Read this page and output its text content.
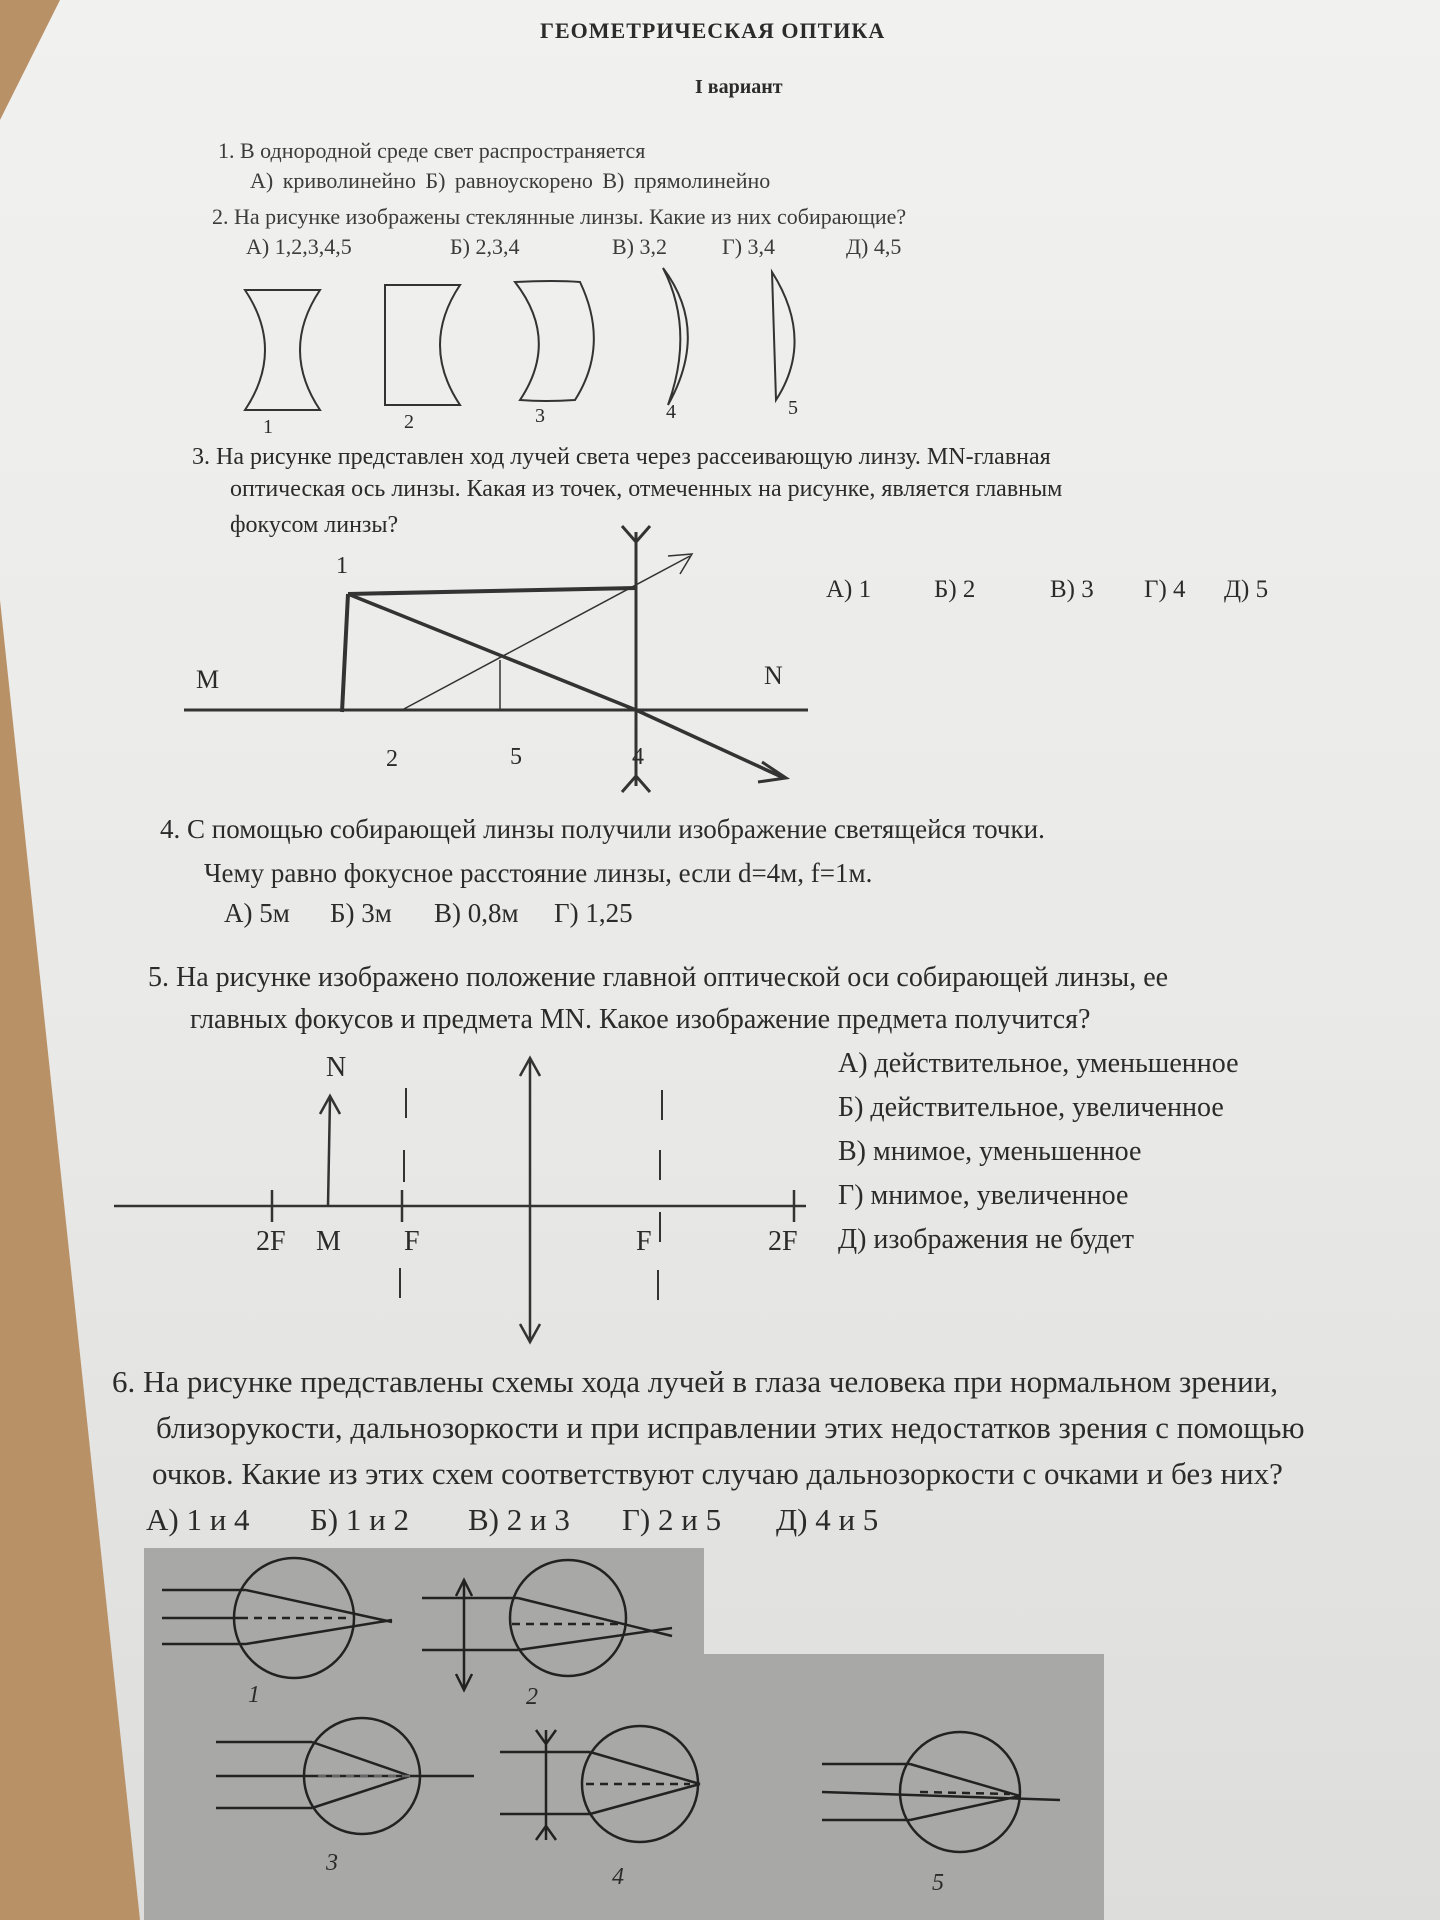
ГЕОМЕТРИЧЕСКАЯ ОПТИКА
I вариант
1. В однородной среде свет распространяется
А) криволинейно Б) равноускорено В) прямолинейно
2. На рисунке изображены стеклянные линзы. Какие из них собирающие?
А) 1,2,3,4,5	Б) 2,3,4	В) 3,2	Г) 3,4	Д) 4,5
1	2	3	4	5
3. На рисунке представлен ход лучей света через рассеивающую линзу. MN-главная
оптическая ось линзы. Какая из точек, отмеченных на рисунке, является главным
фокусом линзы?
А) 1	Б) 2	В) 3 Г) 4 Д) 5
1
2	5	4
M	N
4. С помощью собирающей линзы получили изображение светящейся точки.
Чему равно фокусное расстояние линзы, если d=4м, f=1м.
А) 5м Б) 3м В) 0,8м Г) 1,25
5. На рисунке изображено положение главной оптической оси собирающей линзы, ее
главных фокусов и предмета MN. Какое изображение предмета получится?
А) действительное, уменьшенное
Б) действительное, увеличенное
В) мнимое, уменьшенное
Г) мнимое, увеличенное
Д) изображения не будет
N
2F M F	F	2F
6. На рисунке представлены схемы хода лучей в глаза человека при нормальном зрении,
близорукости, дальнозоркости и при исправлении этих недостатков зрения с помощью
очков. Какие из этих схем соответствуют случаю дальнозоркости с очками и без них?
А) 1 и 4 Б) 1 и 2 В) 2 и 3 Г) 2 и 5 Д) 4 и 5
1	2
3
4	5
